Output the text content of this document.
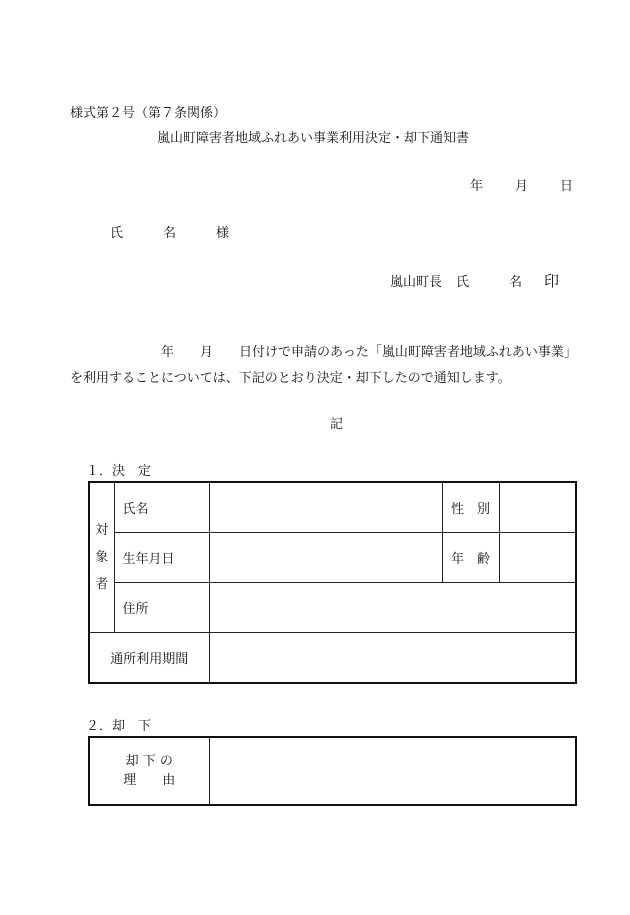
様式第２号（第７条関係）
嵐山町障害者地域ふれあい事業利用決定・却下通知書
年 月 日
氏	名	様
嵐山町長 氏	名 印
　　　　　　　年　　月　　日付けで申請のあった「嵐山町障害者地域ふれあい事業」を利用することについては、下記のとおり決定・却下したので通知します。
記
１．決　定
対
象
者	氏名		性　別	
	生年月日		年　齢	
	住所			
通所利用期間				
２．却　下
却 下 の
理　　由
